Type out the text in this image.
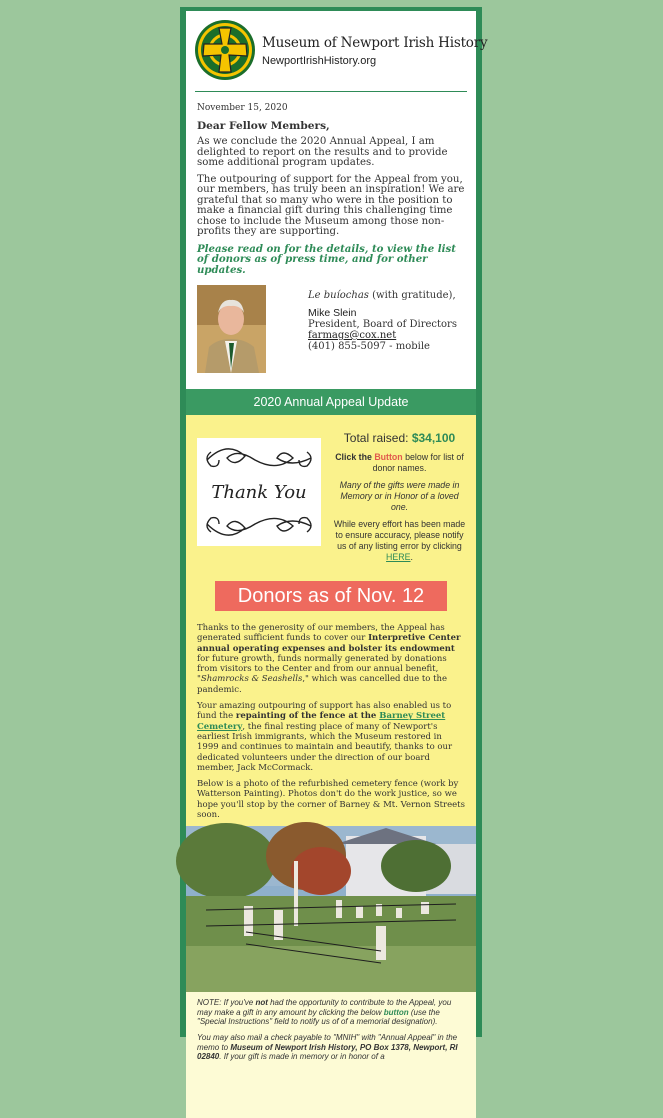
Museum of Newport Irish History
NewportIrishHistory.org
November 15, 2020
Dear Fellow Members,

As we conclude the 2020 Annual Appeal, I am delighted to report on the results and to provide some additional program updates.

The outpouring of support for the Appeal from you, our members, has truly been an inspiration! We are grateful that so many who were in the position to make a financial gift during this challenging time chose to include the Museum among those non-profits they are supporting.

Please read on for the details, to view the list of donors as of press time, and for other updates.

Le buíochas (with gratitude),
Mike Slein
President, Board of Directors
farmags@cox.net
(401) 855-5097 - mobile
2020 Annual Appeal Update
Thank You
Total raised: $34,100

Click the Button below for list of donor names.

Many of the gifts were made in Memory or in Honor of a loved one.

While every effort has been made to ensure accuracy, please notify us of any listing error by clicking HERE.

Donors as of Nov. 12

Thanks to the generosity of our members, the Appeal has generated sufficient funds to cover our Interpretive Center annual operating expenses and bolster its endowment for future growth, funds normally generated by donations from visitors to the Center and from our annual benefit, "Shamrocks & Seashells," which was cancelled due to the pandemic.

Your amazing outpouring of support has also enabled us to fund the repainting of the fence at the Barney Street Cemetery, the final resting place of many of Newport's earliest Irish immigrants, which the Museum restored in 1999 and continues to maintain and beautify, thanks to our dedicated volunteers under the direction of our board member, Jack McCormack.

Below is a photo of the refurbished cemetery fence (work by Watterson Painting). Photos don't do the work justice, so we hope you'll stop by the corner of Barney & Mt. Vernon Streets soon.

NOTE: If you've not had the opportunity to contribute to the Appeal, you may make a gift in any amount by clicking the below button (use the "Special Instructions" field to notify us of of a memorial designation).

You may also mail a check payable to "MNIH" with "Annual Appeal" in the memo to Museum of Newport Irish History, PO Box 1378, Newport, RI 02840. If your gift is made in memory or in honor of a
